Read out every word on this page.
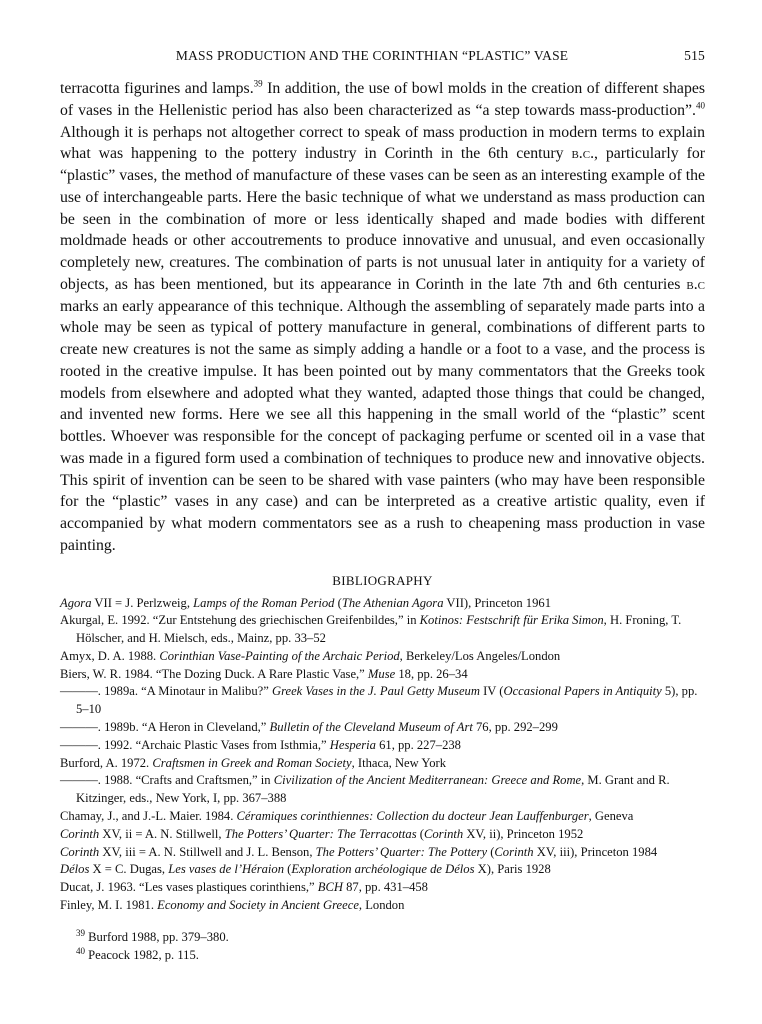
MASS PRODUCTION AND THE CORINTHIAN “PLASTIC” VASE	515

terracotta figurines and lamps.$^{39}$ In addition, the use of bowl molds in the creation of different shapes of vases in the Hellenistic period has also been characterized as “a step towards mass-production”.$^{40}$ Although it is perhaps not altogether correct to speak of mass production in modern terms to explain what was happening to the pottery industry in Corinth in the 6th century b.c., particularly for “plastic” vases, the method of manufacture of these vases can be seen as an interesting example of the use of interchangeable parts. Here the basic technique of what we understand as mass production can be seen in the combination of more or less identically shaped and made bodies with different moldmade heads or other accoutrements to produce innovative and unusual, and even occasionally completely new, creatures. The combination of parts is not unusual later in antiquity for a variety of objects, as has been mentioned, but its appearance in Corinth in the late 7th and 6th centuries b.c marks an early appearance of this technique. Although the assembling of separately made parts into a whole may be seen as typical of pottery manufacture in general, combinations of different parts to create new creatures is not the same as simply adding a handle or a foot to a vase, and the process is rooted in the creative impulse. It has been pointed out by many commentators that the Greeks took models from elsewhere and adopted what they wanted, adapted those things that could be changed, and invented new forms. Here we see all this happening in the small world of the “plastic” scent bottles. Whoever was responsible for the concept of packaging perfume or scented oil in a vase that was made in a figured form used a combination of techniques to produce new and innovative objects. This spirit of invention can be seen to be shared with vase painters (who may have been responsible for the “plastic” vases in any case) and can be interpreted as a creative artistic quality, even if accompanied by what modern commentators see as a rush to cheapening mass production in vase painting.

BIBLIOGRAPHY
Agora VII = J. Perlzweig, Lamps of the Roman Period (The Athenian Agora VII), Princeton 1961
Akurgal, E. 1992. “Zur Entstehung des griechischen Greifenbildes,” in Kotinos: Festschrift für Erika Simon, H. Froning, T. Hölscher, and H. Mielsch, eds., Mainz, pp. 33–52
Amyx, D. A. 1988. Corinthian Vase-Painting of the Archaic Period, Berkeley/Los Angeles/London
Biers, W. R. 1984. “The Dozing Duck. A Rare Plastic Vase,” Muse 18, pp. 26–34
———. 1989a. “A Minotaur in Malibu?” Greek Vases in the J. Paul Getty Museum IV (Occasional Papers in Antiquity 5), pp. 5–10
———. 1989b. “A Heron in Cleveland,” Bulletin of the Cleveland Museum of Art 76, pp. 292–299
———. 1992. “Archaic Plastic Vases from Isthmia,” Hesperia 61, pp. 227–238
Burford, A. 1972. Craftsmen in Greek and Roman Society, Ithaca, New York
———. 1988. “Crafts and Craftsmen,” in Civilization of the Ancient Mediterranean: Greece and Rome, M. Grant and R. Kitzinger, eds., New York, I, pp. 367–388
Chamay, J., and J.-L. Maier. 1984. Céramiques corinthiennes: Collection du docteur Jean Lauffenburger, Geneva
Corinth XV, ii = A. N. Stillwell, The Potters’ Quarter: The Terracottas (Corinth XV, ii), Princeton 1952
Corinth XV, iii = A. N. Stillwell and J. L. Benson, The Potters’ Quarter: The Pottery (Corinth XV, iii), Princeton 1984
Délos X = C. Dugas, Les vases de l’Héraion (Exploration archéologique de Délos X), Paris 1928
Ducat, J. 1963. “Les vases plastiques corinthiens,” BCH 87, pp. 431–458
Finley, M. I. 1981. Economy and Society in Ancient Greece, London
$^{39}$ Burford 1988, pp. 379–380.
$^{40}$ Peacock 1982, p. 115.
